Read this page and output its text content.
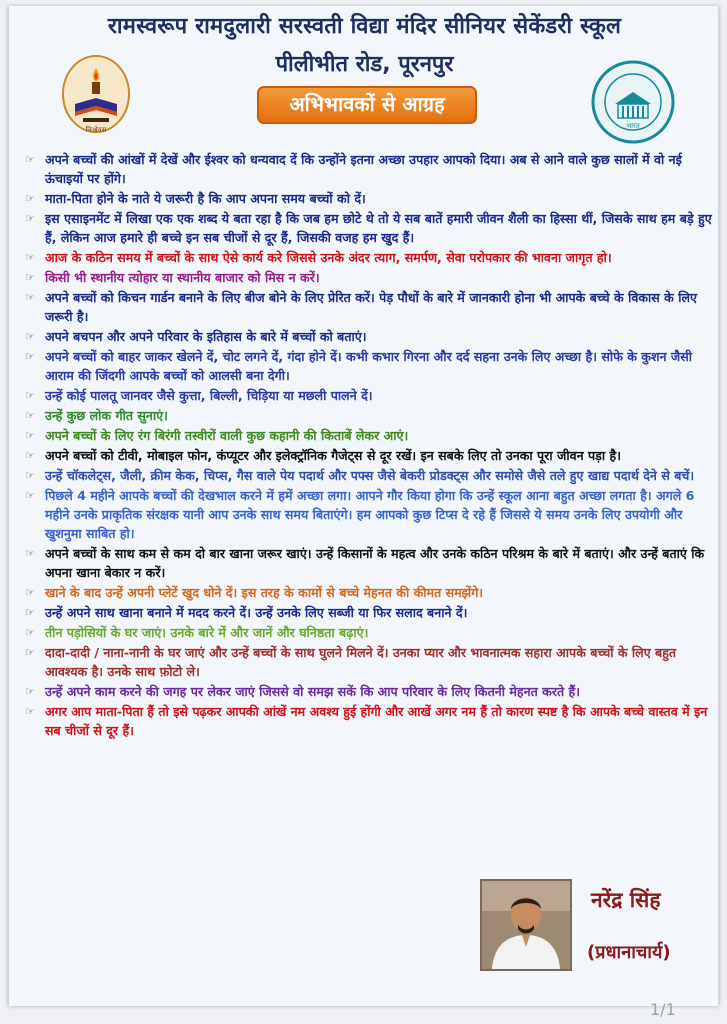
रामस्वरूप रामदुलारी सरस्वती विद्या मंदिर सीनियर सेकेंडरी स्कूल
पीलीभीत रोड, पूरनपुर
अभिभावकों से आग्रह
निःश्रेयस	भारत
☞ अपने बच्चों की आंखों में देखें और ईश्वर को धन्यवाद दें कि उन्होंने इतना अच्छा उपहार आपको दिया। अब से आने वाले कुछ सालों में वो नई ऊंचाइयों पर होंगे।
☞ माता-पिता होने के नाते ये जरूरी है कि आप अपना समय बच्चों को दें।
☞ इस एसाइनमेंट में लिखा एक एक शब्द ये बता रहा है कि जब हम छोटे थे तो ये सब बातें हमारी जीवन शैली का हिस्सा थीं, जिसके साथ हम बड़े हुए हैं, लेकिन आज हमारे ही बच्चे इन सब चीजों से दूर हैं, जिसकी वजह हम खुद हैं।
☞ आज के कठिन समय में बच्चों के साथ ऐसे कार्य करे जिससे उनके अंदर त्याग, समर्पण, सेवा परोपकार की भावना जागृत हो।
☞ किसी भी स्थानीय त्योहार या स्थानीय बाजार को मिस न करें।
☞ अपने बच्चों को किचन गार्डन बनाने के लिए बीज बोने के लिए प्रेरित करें। पेड़ पौधों के बारे में जानकारी होना भी आपके बच्चे के विकास के लिए जरूरी है।
☞ अपने बचपन और अपने परिवार के इतिहास के बारे में बच्चों को बताएं।
☞ अपने बच्चों को बाहर जाकर खेलने दें, चोट लगने दें, गंदा होने दें। कभी कभार गिरना और दर्द सहना उनके लिए अच्छा है। सोफे के कुशन जैसी आराम की जिंदगी आपके बच्चों को आलसी बना देगी।
☞ उन्हें कोई पालतू जानवर जैसे कुत्ता, बिल्ली, चिड़िया या मछली पालने दें।
☞ उन्हें कुछ लोक गीत सुनाएं।
☞ अपने बच्चों के लिए रंग बिरंगी तस्वीरों वाली कुछ कहानी की किताबें लेकर आएं।
☞ अपने बच्चों को टीवी, मोबाइल फोन, कंप्यूटर और इलेक्ट्रॉनिक गैजेट्स से दूर रखें। इन सबके लिए तो उनका पूरा जीवन पड़ा है।
☞ उन्हें चॉकलेट्स, जैली, क्रीम केक, चिप्स, गैस वाले पेय पदार्थ और पफ्स जैसे बेकरी प्रोडक्ट्स और समोसे जैसे तले हुए खाद्य पदार्थ देने से बचें।
☞ पिछले 4 महीने आपके बच्चों की देखभाल करने में हमें अच्छा लगा। आपने गौर किया होगा कि उन्हें स्कूल आना बहुत अच्छा लगता है। अगले 6 महीने उनके प्राकृतिक संरक्षक यानी आप उनके साथ समय बिताएंगे। हम आपको कुछ टिप्स दे रहे हैं जिससे ये समय उनके लिए उपयोगी और खुशनुमा साबित हो।
☞ अपने बच्चों के साथ कम से कम दो बार खाना जरूर खाएं। उन्हें किसानों के महत्व और उनके कठिन परिश्रम के बारे में बताएं। और उन्हें बताएं कि अपना खाना बेकार न करें।
☞ खाने के बाद उन्हें अपनी प्लेटें खुद धोने दें। इस तरह के कामों से बच्चे मेहनत की कीमत समझेंगे।
☞ उन्हें अपने साथ खाना बनाने में मदद करने दें। उन्हें उनके लिए सब्जी या फिर सलाद बनाने दें।
☞ तीन पड़ोसियों के घर जाएं। उनके बारे में और जानें और घनिष्ठता बढ़ाएं।
☞ दादा-दादी / नाना-नानी के घर जाएं और उन्हें बच्चों के साथ घुलने मिलने दें। उनका प्यार और भावनात्मक सहारा आपके बच्चों के लिए बहुत आवश्यक है। उनके साथ फ़ोटो ले।
☞ उन्हें अपने काम करने की जगह पर लेकर जाएं जिससे वो समझ सकें कि आप परिवार के लिए कितनी मेहनत करते हैं।
☞ अगर आप माता-पिता हैं तो इसे पढ़कर आपकी आंखें नम अवश्य हुई होंगी और आखें अगर नम हैं तो कारण स्पष्ट है कि आपके बच्चे वास्तव में इन सब चीजों से दूर हैं।
नरेंद्र सिंह
(प्रधानाचार्य)
1/1
